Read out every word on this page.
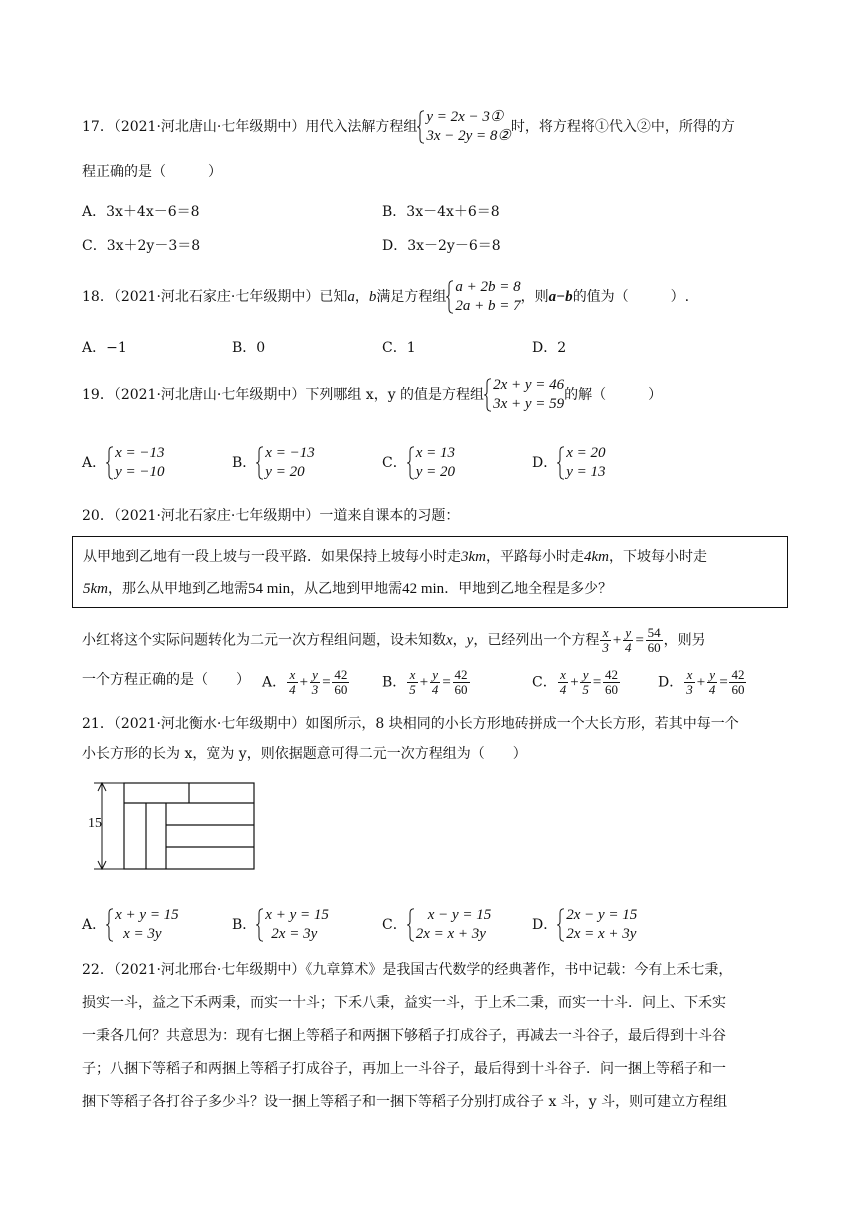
17．（2021·河北唐山·七年级期中）用代入法解方程组
y = 2x − 3①
3x − 2y = 8②
时，将方程将①代入②中，所得的方
程正确的是（　　　）
A．3x＋4x－6＝8	B．3x－4x＋6＝8
C．3x＋2y－3＝8	D．3x－2y－6＝8
18．（2021·河北石家庄·七年级期中）已知a，b满足方程组
a + 2b = 8
2a + b = 7
，则a−b的值为（　　　）.
A．−1	B．0	C．1	D．2
19．（2021·河北唐山·七年级期中）下列哪组 x，y 的值是方程组
2x + y = 46
3x + y = 59
的解（　　　）
A．
x = −13
y = −10
B．
x = −13
y = 20
C．
x = 13
y = 20
D．
x = 20
y = 13
20．（2021·河北石家庄·七年级期中）一道来自课本的习题：
从甲地到乙地有一段上坡与一段平路．如果保持上坡每小时走3km，平路每小时走4km，下坡每小时走
5km，那么从甲地到乙地需54 min，从乙地到甲地需42 min．甲地到乙地全程是多少？
小红将这个实际问题转化为二元一次方程组问题，设未知数x，y，已经列出一个方程 $\frac{x}{3} + \frac{y}{4} = \frac{54}{60}$ ，则另
一个方程正确的是（　　） A． $\frac{x}{4} + \frac{y}{3} = \frac{42}{60}$ B． $\frac{x}{5} + \frac{y}{4} = \frac{42}{60}$	C． $\frac{x}{4} + \frac{y}{5} = \frac{42}{60}$	D． $\frac{x}{3} + \frac{y}{4} = \frac{42}{60}$
21．（2021·河北衡水·七年级期中）如图所示，8 块相同的小长方形地砖拼成一个大长方形，若其中每一个
小长方形的长为 x，宽为 y，则依据题意可得二元一次方程组为（　　）
15
A．
x + y = 15
x = 3y
B．
x + y = 15
2x = 3y
C．
x − y = 15
2x = x + 3y
D．
2x − y = 15
2x = x + 3y
22．（2021·河北邢台·七年级期中）《九章算术》是我国古代数学的经典著作，书中记载：今有上禾七秉，
损实一斗，益之下禾两秉，而实一十斗；下禾八秉，益实一斗，于上禾二秉，而实一十斗．问上、下禾实
一秉各几何？共意思为：现有七捆上等稻子和两捆下够稻子打成谷子，再减去一斗谷子，最后得到十斗谷
子；八捆下等稻子和两捆上等稻子打成谷子，再加上一斗谷子，最后得到十斗谷子．问一捆上等稻子和一
捆下等稻子各打谷子多少斗？设一捆上等稻子和一捆下等稻子分别打成谷子 x 斗，y 斗，则可建立方程组
